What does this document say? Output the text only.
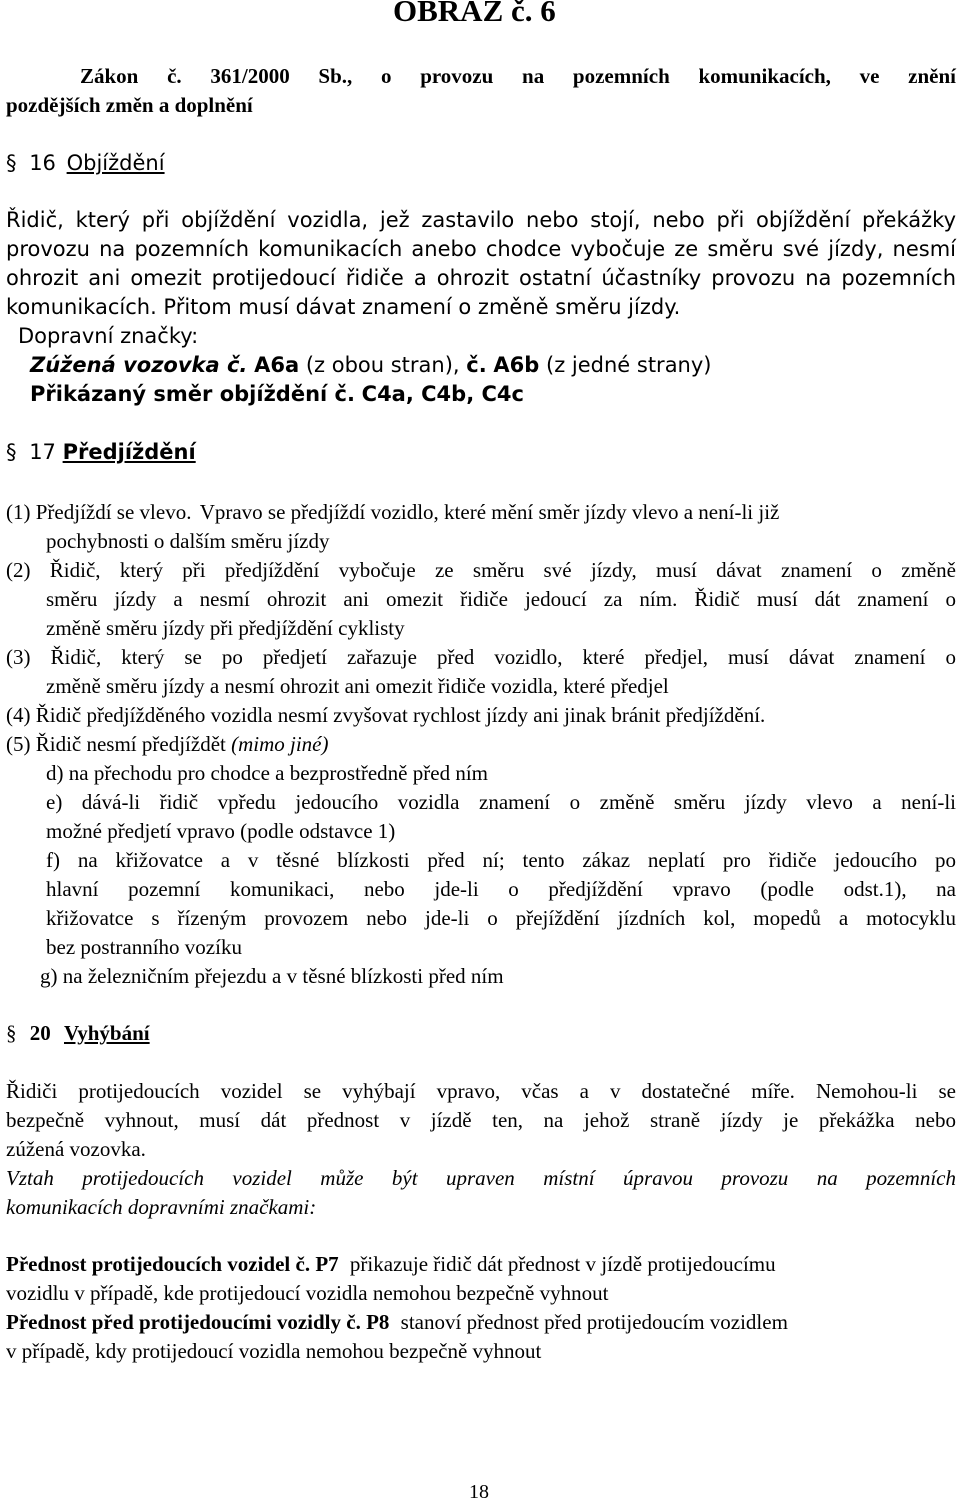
OBRAZ č. 6
Zákon č. 361/2000 Sb., o provozu na pozemních komunikacích, ve znění
pozdějších změn a doplnění
§ 16 Objíždění
Řidič, který při objíždění vozidla, jež zastavilo nebo stojí, nebo při objíždění překážky
provozu na pozemních komunikacích anebo chodce vybočuje ze směru své jízdy, nesmí
ohrozit ani omezit protijedoucí řidiče a ohrozit ostatní účastníky provozu na pozemních
komunikacích. Přitom musí dávat znamení o změně směru jízdy.
Dopravní značky:
Zúžená vozovka č. A6a (z obou stran), č. A6b (z jedné strany)
Přikázaný směr objíždění č. C4a, C4b, C4c
§ 17 Předjíždění
(1) Předjíždí se vlevo. Vpravo se předjíždí vozidlo, které mění směr jízdy vlevo a není-li již
pochybnosti o dalším směru jízdy
(2) Řidič, který při předjíždění vybočuje ze směru své jízdy, musí dávat znamení o změně
směru jízdy a nesmí ohrozit ani omezit řidiče jedoucí za ním. Řidič musí dát znamení o
změně směru jízdy při předjíždění cyklisty
(3) Řidič, který se po předjetí zařazuje před vozidlo, které předjel, musí dávat znamení o
změně směru jízdy a nesmí ohrozit ani omezit řidiče vozidla, které předjel
(4) Řidič předjížděného vozidla nesmí zvyšovat rychlost jízdy ani jinak bránit předjíždění.
(5) Řidič nesmí předjíždět (mimo jiné)
d) na přechodu pro chodce a bezprostředně před ním
e) dává-li řidič vpředu jedoucího vozidla znamení o změně směru jízdy vlevo a není-li
možné předjetí vpravo (podle odstavce 1)
f) na křižovatce a v těsné blízkosti před ní; tento zákaz neplatí pro řidiče jedoucího po
hlavní pozemní komunikaci, nebo jde-li o předjíždění vpravo (podle odst.1), na
křižovatce s řízeným provozem nebo jde-li o přejíždění jízdních kol, mopedů a motocyklu
bez postranního vozíku
g) na železničním přejezdu a v těsné blízkosti před ním
§ 20 Vyhýbání
Řidiči protijedoucích vozidel se vyhýbají vpravo, včas a v dostatečné míře. Nemohou-li se
bezpečně vyhnout, musí dát přednost v jízdě ten, na jehož straně jízdy je překážka nebo
zúžená vozovka.
Vztah protijedoucích vozidel může být upraven místní úpravou provozu na pozemních
komunikacích dopravními značkami:
Přednost protijedoucích vozidel č. P7 přikazuje řidič dát přednost v jízdě protijedoucímu
vozidlu v případě, kde protijedoucí vozidla nemohou bezpečně vyhnout
Přednost před protijedoucími vozidly č. P8 stanoví přednost před protijedoucím vozidlem
v případě, kdy protijedoucí vozidla nemohou bezpečně vyhnout
18
